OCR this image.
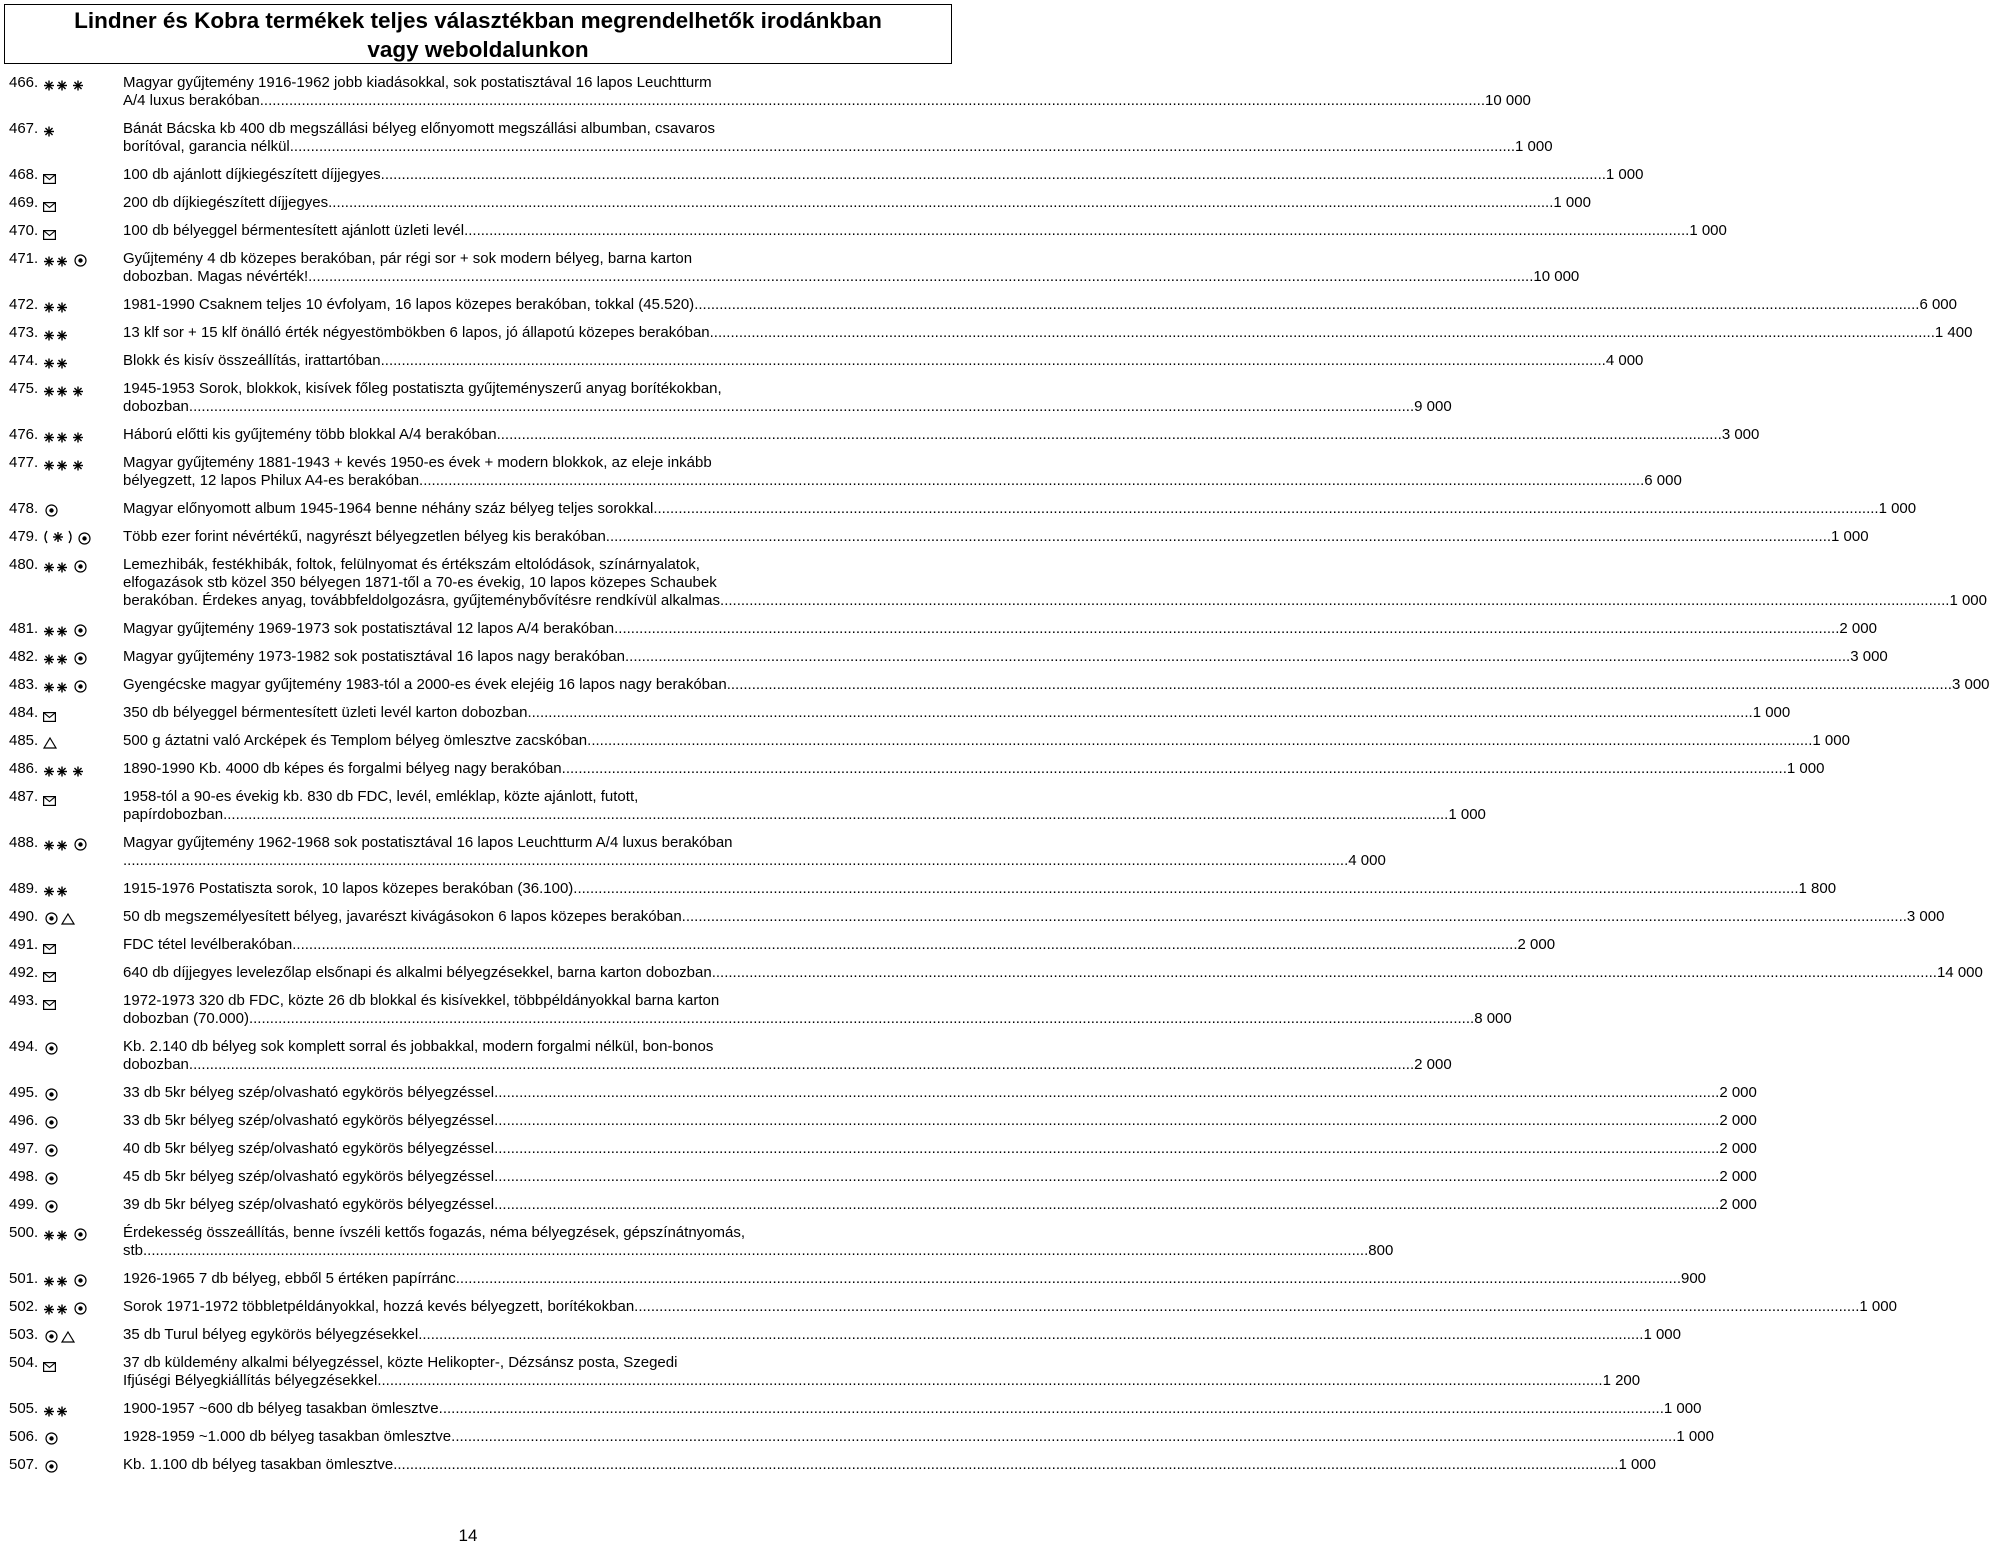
Lindner és Kobra termékek teljes választékban megrendelhetők irodánkban
vagy weboldalunkon
466.	Magyar gyűjtemény 1916-1962 jobb kiadásokkal, sok postatisztával 16 lapos Leuchtturm
A/4 luxus berakóban .....	10 000
467.	Bánát Bácska kb 400 db megszállási bélyeg előnyomott megszállási albumban, csavaros
borítóval, garancia nélkül .....	1 000
468.	100 db ajánlott díjkiegészített díjjegyes .....	1 000
469.	200 db díjkiegészített díjjegyes .....	1 000
470.	100 db bélyeggel bérmentesített ajánlott üzleti levél .....	1 000
471.	Gyűjtemény 4 db közepes berakóban, pár régi sor + sok modern bélyeg, barna karton
dobozban. Magas névérték! .....	10 000
472.	1981-1990 Csaknem teljes 10 évfolyam, 16 lapos közepes berakóban, tokkal (45.520) .....	6 000
473.	13 klf sor + 15 klf önálló érték négyestömbökben 6 lapos, jó állapotú közepes berakóban .....	1 400
474.	Blokk és kisív összeállítás, irattartóban .....	4 000
475.	1945-1953 Sorok, blokkok, kisívek főleg postatiszta gyűjteményszerű anyag borítékokban,
dobozban .....	9 000
476.	Háború előtti kis gyűjtemény több blokkal A/4 berakóban .....	3 000
477.	Magyar gyűjtemény 1881-1943 + kevés 1950-es évek + modern blokkok, az eleje inkább
bélyegzett, 12 lapos Philux A4-es berakóban .....	6 000
478.	Magyar előnyomott album 1945-1964 benne néhány száz bélyeg teljes sorokkal .....	1 000
479.	Több ezer forint névértékű, nagyrészt bélyegzetlen bélyeg kis berakóban .....	1 000
480.	Lemezhibák, festékhibák, foltok, felülnyomat és értékszám eltolódások, színárnyalatok,
elfogazások stb közel 350 bélyegen 1871-től a 70-es évekig, 10 lapos közepes Schaubek
berakóban. Érdekes anyag, továbbfeldolgozásra, gyűjteménybővítésre rendkívül alkalmas. .....	1 000
481.	Magyar gyűjtemény 1969-1973 sok postatisztával 12 lapos A/4 berakóban .....	2 000
482.	Magyar gyűjtemény 1973-1982 sok postatisztával 16 lapos nagy berakóban .....	3 000
483.	Gyengécske magyar gyűjtemény 1983-tól a 2000-es évek elejéig 16 lapos nagy berakóban .....	3 000
484.	350 db bélyeggel bérmentesített üzleti levél karton dobozban .....	1 000
485.	500 g áztatni való Arcképek és Templom bélyeg ömlesztve zacskóban .....	1 000
486.	1890-1990 Kb. 4000 db képes és forgalmi bélyeg nagy berakóban .....	1 000
487.	1958-tól a 90-es évekig kb. 830 db FDC, levél, emléklap, közte ajánlott, futott,
papírdobozban .....	1 000
488.	Magyar gyűjtemény 1962-1968 sok postatisztával 16 lapos Leuchtturm A/4 luxus berakóban
.....
4 000
489.	1915-1976 Postatiszta sorok, 10 lapos közepes berakóban (36.100) .....	1 800
490.	50 db megszemélyesített bélyeg, javarészt kivágásokon 6 lapos közepes berakóban .....	3 000
491.	FDC tétel levélberakóban .....	2 000
492.	640 db díjjegyes levelezőlap elsőnapi és alkalmi bélyegzésekkel, barna karton dobozban .....	14 000
493.	1972-1973 320 db FDC, közte 26 db blokkal és kisívekkel, többpéldányokkal barna karton
dobozban (70.000) .....	8 000
494.	Kb. 2.140 db bélyeg sok komplett sorral és jobbakkal, modern forgalmi nélkül, bon-bonos
dobozban .....	2 000
495.	33 db 5kr bélyeg szép/olvasható egykörös bélyegzéssel .....	2 000
496.	33 db 5kr bélyeg szép/olvasható egykörös bélyegzéssel .....	2 000
497.	40 db 5kr bélyeg szép/olvasható egykörös bélyegzéssel .....	2 000
498.	45 db 5kr bélyeg szép/olvasható egykörös bélyegzéssel .....	2 000
499.	39 db 5kr bélyeg szép/olvasható egykörös bélyegzéssel .....	2 000
500.	Érdekesség összeállítás, benne ívszéli kettős fogazás, néma bélyegzések, gépszínátnyomás,
stb .....	800
501.	1926-1965 7 db bélyeg, ebből 5 értéken papírránc .....	900
502.	Sorok 1971-1972 többletpéldányokkal, hozzá kevés bélyegzett, borítékokban .....	1 000
503.	35 db Turul bélyeg egykörös bélyegzésekkel .....	1 000
504.	37 db küldemény alkalmi bélyegzéssel, közte Helikopter-, Dézsánsz posta, Szegedi
Ifjúségi Bélyegkiállítás bélyegzésekkel .....	1 200
505.	1900-1957 ~600 db bélyeg tasakban ömlesztve .....	1 000
506.	1928-1959 ~1.000 db bélyeg tasakban ömlesztve .....	1 000
507.	Kb. 1.100 db bélyeg tasakban ömlesztve .....	1 000
14
